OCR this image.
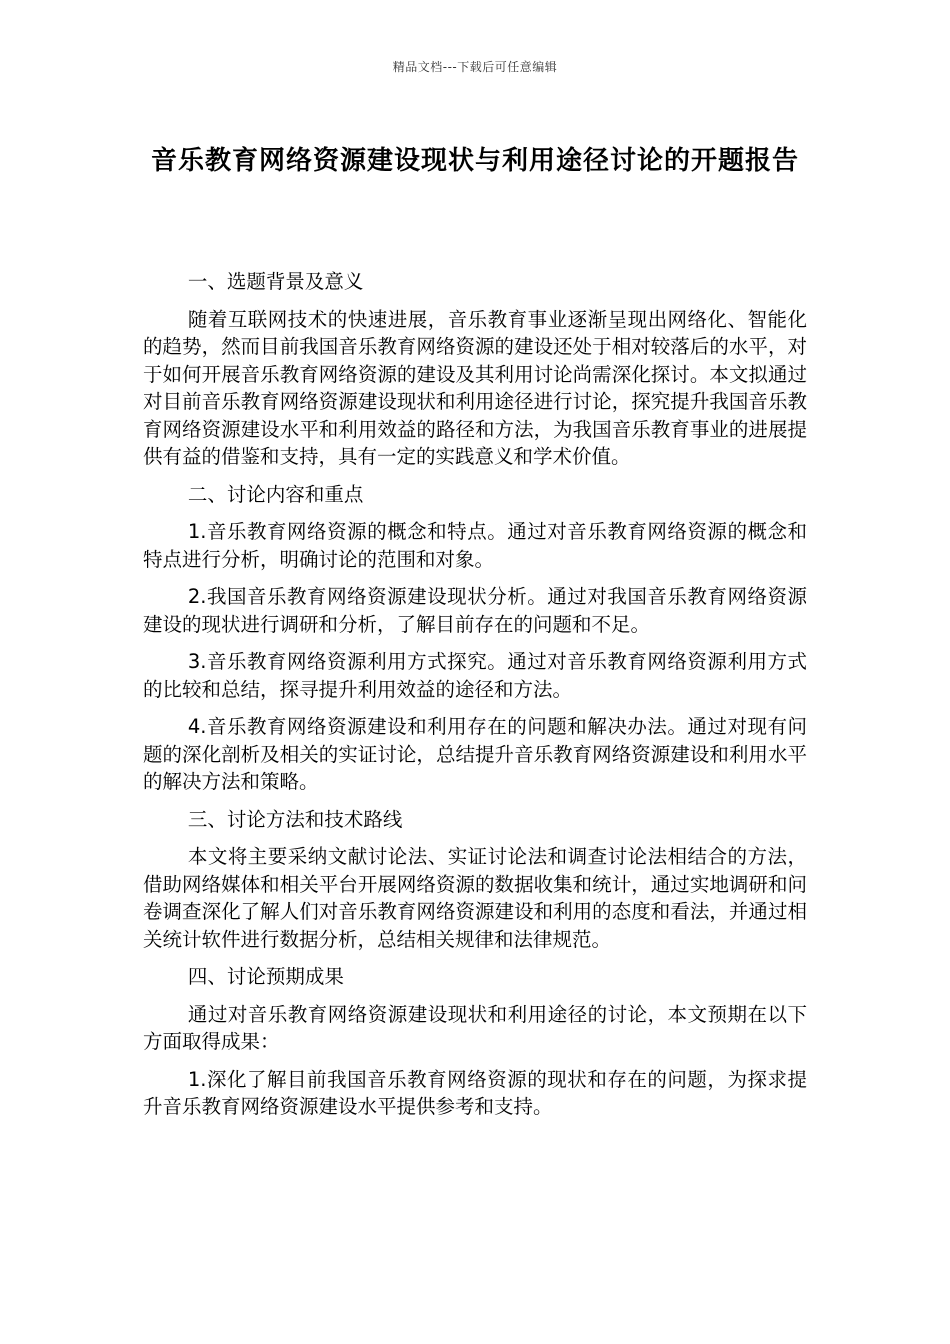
精品文档---下载后可任意编辑
音乐教育网络资源建设现状与利用途径讨论的开题报告

一、选题背景及意义

随着互联网技术的快速进展，音乐教育事业逐渐呈现出网络化、智能化的趋势，然而目前我国音乐教育网络资源的建设还处于相对较落后的水平，对于如何开展音乐教育网络资源的建设及其利用讨论尚需深化探讨。本文拟通过对目前音乐教育网络资源建设现状和利用途径进行讨论，探究提升我国音乐教育网络资源建设水平和利用效益的路径和方法，为我国音乐教育事业的进展提供有益的借鉴和支持，具有一定的实践意义和学术价值。

二、讨论内容和重点

1.音乐教育网络资源的概念和特点。通过对音乐教育网络资源的概念和特点进行分析，明确讨论的范围和对象。

2.我国音乐教育网络资源建设现状分析。通过对我国音乐教育网络资源建设的现状进行调研和分析，了解目前存在的问题和不足。

3.音乐教育网络资源利用方式探究。通过对音乐教育网络资源利用方式的比较和总结，探寻提升利用效益的途径和方法。

4.音乐教育网络资源建设和利用存在的问题和解决办法。通过对现有问题的深化剖析及相关的实证讨论，总结提升音乐教育网络资源建设和利用水平的解决方法和策略。

三、讨论方法和技术路线

本文将主要采纳文献讨论法、实证讨论法和调查讨论法相结合的方法，借助网络媒体和相关平台开展网络资源的数据收集和统计，通过实地调研和问卷调查深化了解人们对音乐教育网络资源建设和利用的态度和看法，并通过相关统计软件进行数据分析，总结相关规律和法律规范。

四、讨论预期成果

通过对音乐教育网络资源建设现状和利用途径的讨论，本文预期在以下方面取得成果：

1.深化了解目前我国音乐教育网络资源的现状和存在的问题，为探求提升音乐教育网络资源建设水平提供参考和支持。
